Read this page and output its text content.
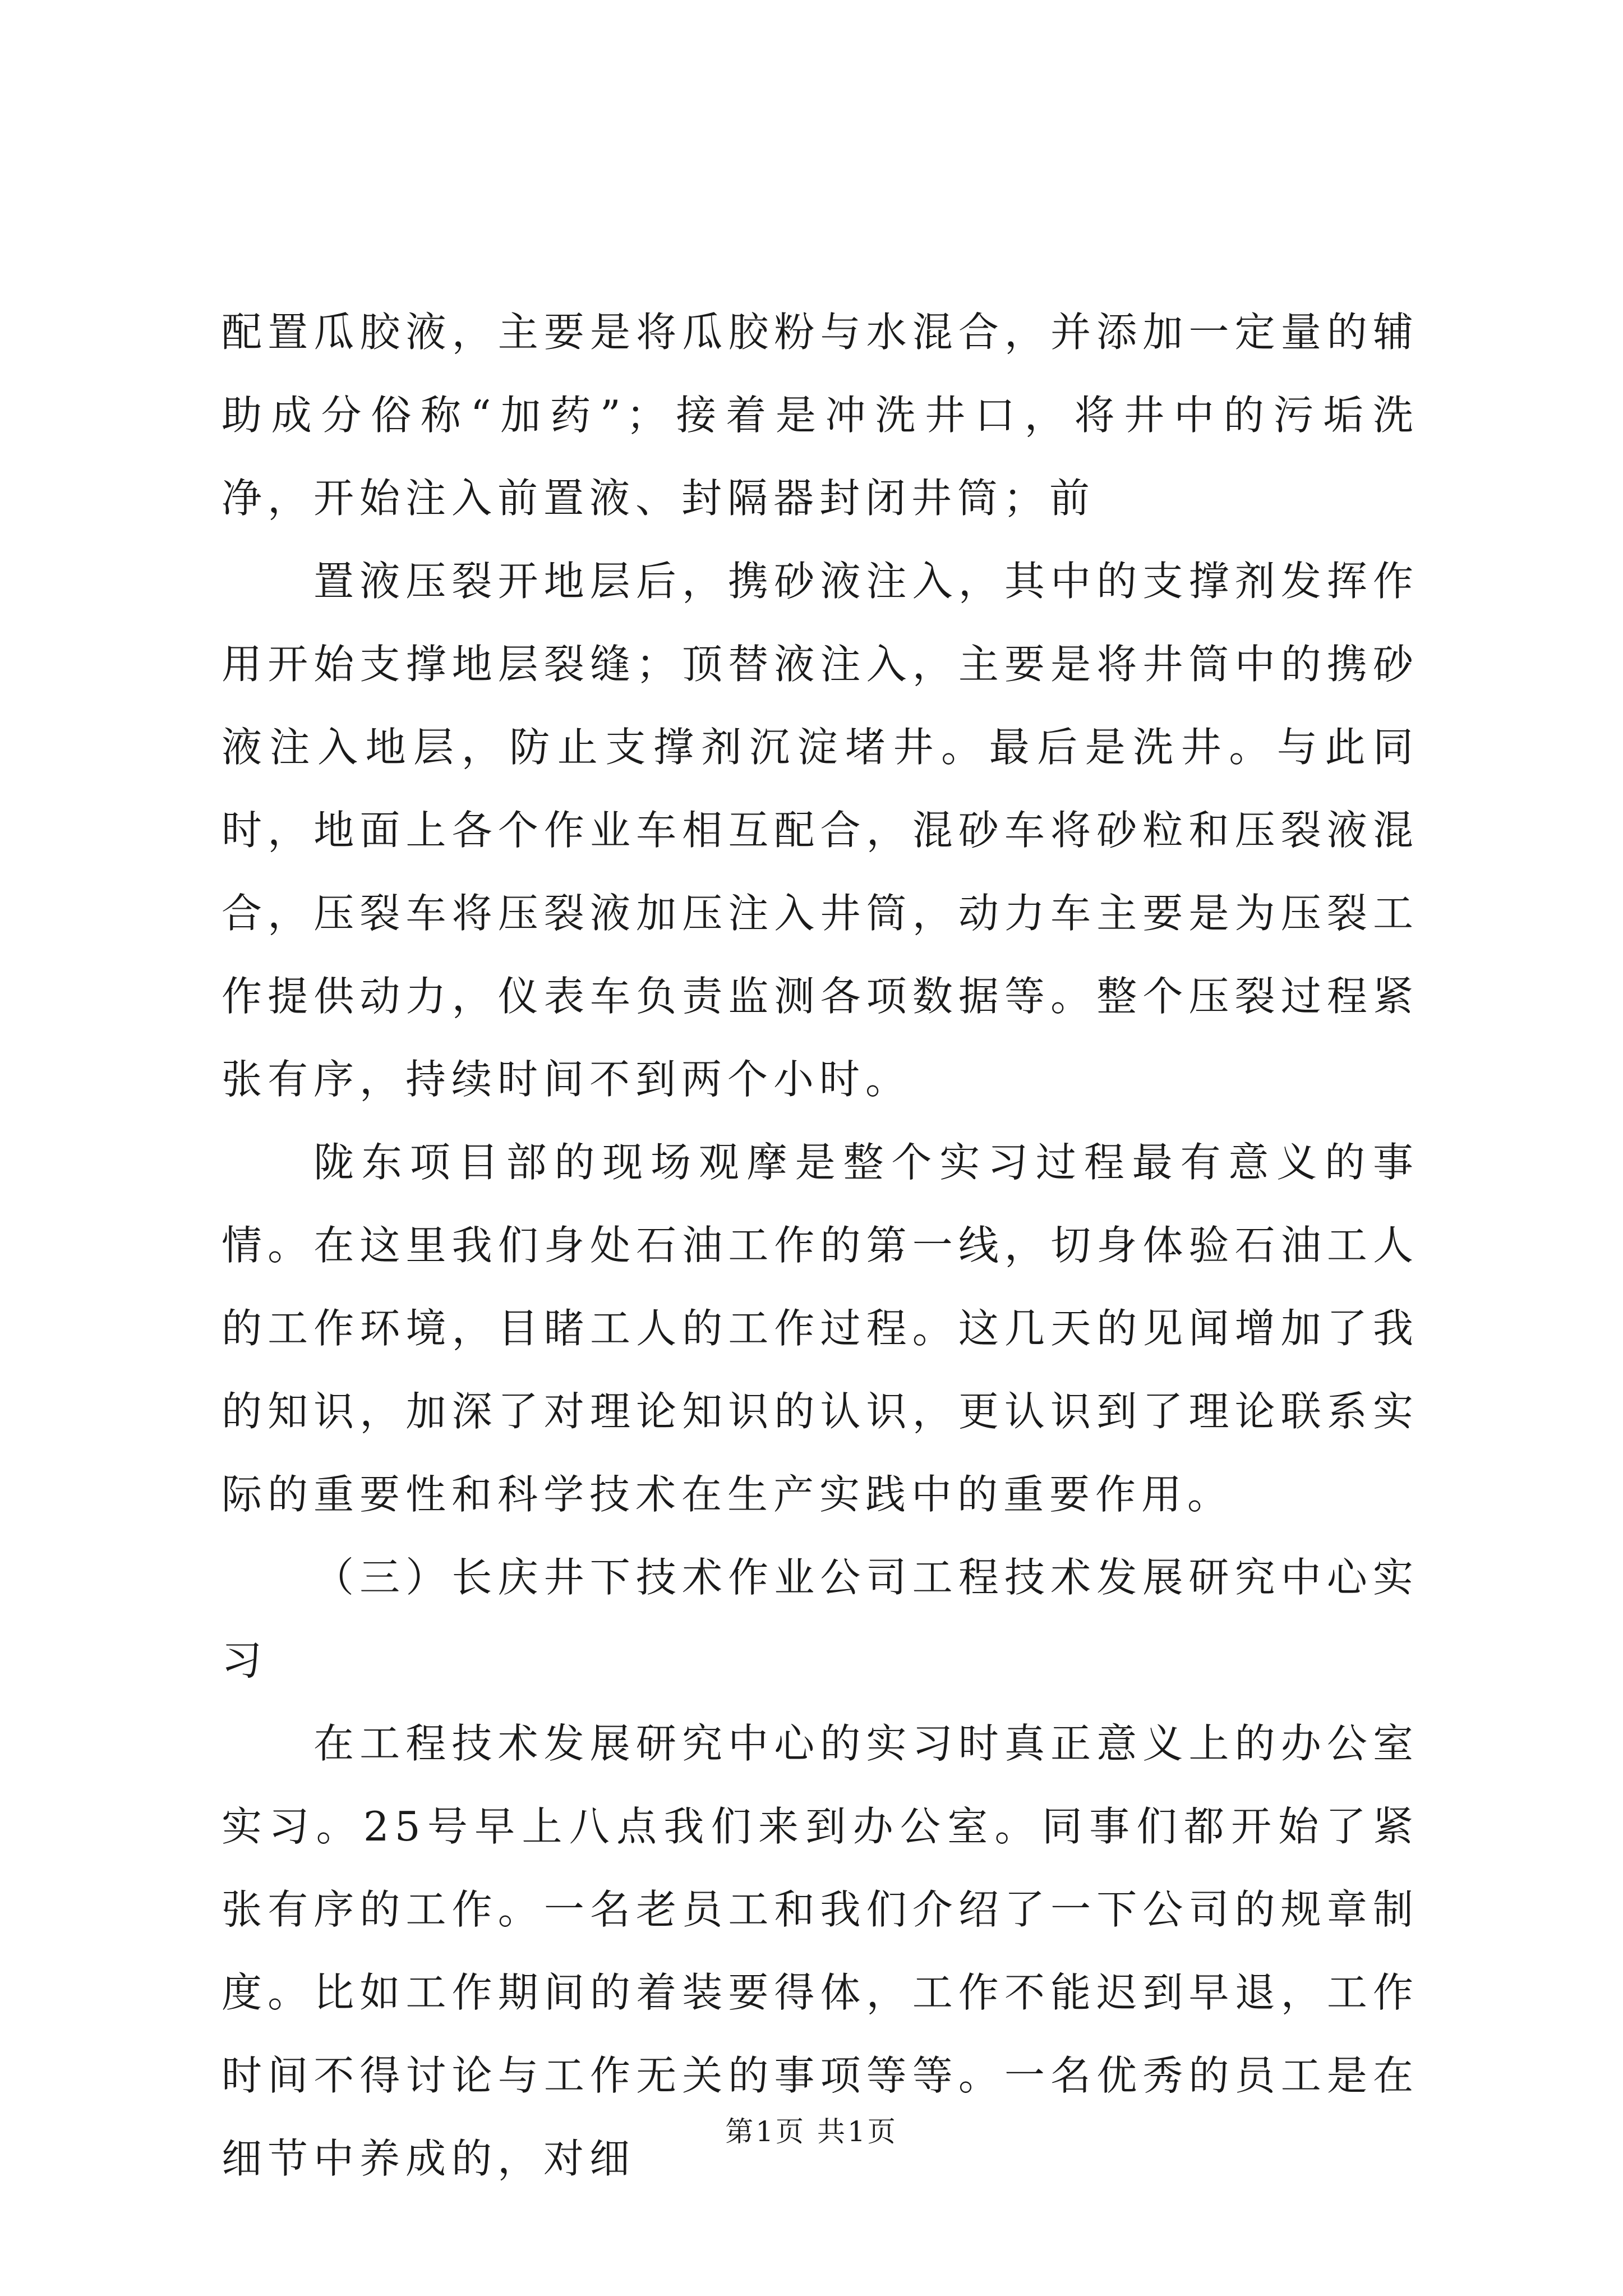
配置瓜胶液，主要是将瓜胶粉与水混合，并添加一定量的辅助成分俗称“加药”；接着是冲洗井口，将井中的污垢洗净，开始注入前置液、封隔器封闭井筒；前

置液压裂开地层后，携砂液注入，其中的支撑剂发挥作用开始支撑地层裂缝；顶替液注入，主要是将井筒中的携砂液注入地层，防止支撑剂沉淀堵井。最后是洗井。与此同时，地面上各个作业车相互配合，混砂车将砂粒和压裂液混合，压裂车将压裂液加压注入井筒，动力车主要是为压裂工作提供动力，仪表车负责监测各项数据等。整个压裂过程紧张有序，持续时间不到两个小时。

陇东项目部的现场观摩是整个实习过程最有意义的事情。在这里我们身处石油工作的第一线，切身体验石油工人的工作环境，目睹工人的工作过程。这几天的见闻增加了我的知识，加深了对理论知识的认识，更认识到了理论联系实际的重要性和科学技术在生产实践中的重要作用。

（三）长庆井下技术作业公司工程技术发展研究中心实习

在工程技术发展研究中心的实习时真正意义上的办公室实习。25号早上八点我们来到办公室。同事们都开始了紧张有序的工作。一名老员工和我们介绍了一下公司的规章制度。比如工作期间的着装要得体，工作不能迟到早退，工作时间不得讨论与工作无关的事项等等。一名优秀的员工是在细节中养成的，对细

第1页 共1页
